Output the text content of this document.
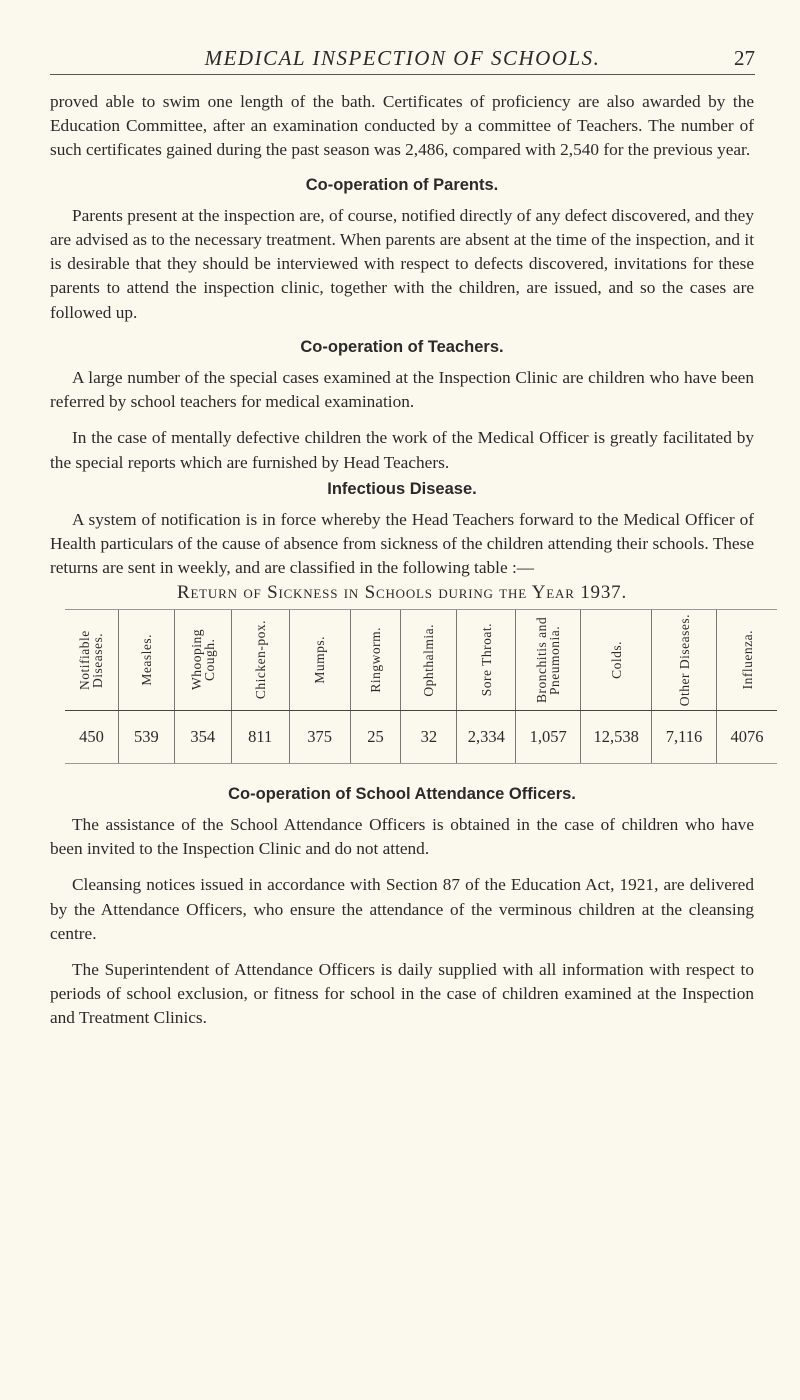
MEDICAL INSPECTION OF SCHOOLS.	27

proved able to swim one length of the bath. Certificates of proficiency are also awarded by the Education Committee, after an examination conducted by a committee of Teachers. The number of such certificates gained during the past season was 2,486, compared with 2,540 for the previous year.

Co-operation of Parents.

Parents present at the inspection are, of course, notified directly of any defect discovered, and they are advised as to the necessary treatment. When parents are absent at the time of the inspection, and it is desirable that they should be interviewed with respect to defects discovered, invitations for these parents to attend the inspection clinic, together with the children, are issued, and so the cases are followed up.

Co-operation of Teachers.

A large number of the special cases examined at the Inspection Clinic are children who have been referred by school teachers for medical examination.

In the case of mentally defective children the work of the Medical Officer is greatly facilitated by the special reports which are furnished by Head Teachers.

Infectious Disease.

A system of notification is in force whereby the Head Teachers forward to the Medical Officer of Health particulars of the cause of absence from sickness of the children attending their schools. These returns are sent in weekly, and are classified in the following table :—

Return of Sickness in Schools during the Year 1937.
Notifiable Diseases.	Measles.	Whooping Cough.	Chicken-pox.	Mumps.	Ringworm.	Ophthalmia.	Sore Throat.	Bronchitis and Pneumonia.	Colds.	Other Diseases.	Influenza.

450	539	354	811	375	25	32	2,334	1,057	12,538	7,116	4076
Co-operation of School Attendance Officers.

The assistance of the School Attendance Officers is obtained in the case of children who have been invited to the Inspection Clinic and do not attend.

Cleansing notices issued in accordance with Section 87 of the Education Act, 1921, are delivered by the Attendance Officers, who ensure the attendance of the verminous children at the cleansing centre.

The Superintendent of Attendance Officers is daily supplied with all information with respect to periods of school exclusion, or fitness for school in the case of children examined at the Inspection and Treatment Clinics.
